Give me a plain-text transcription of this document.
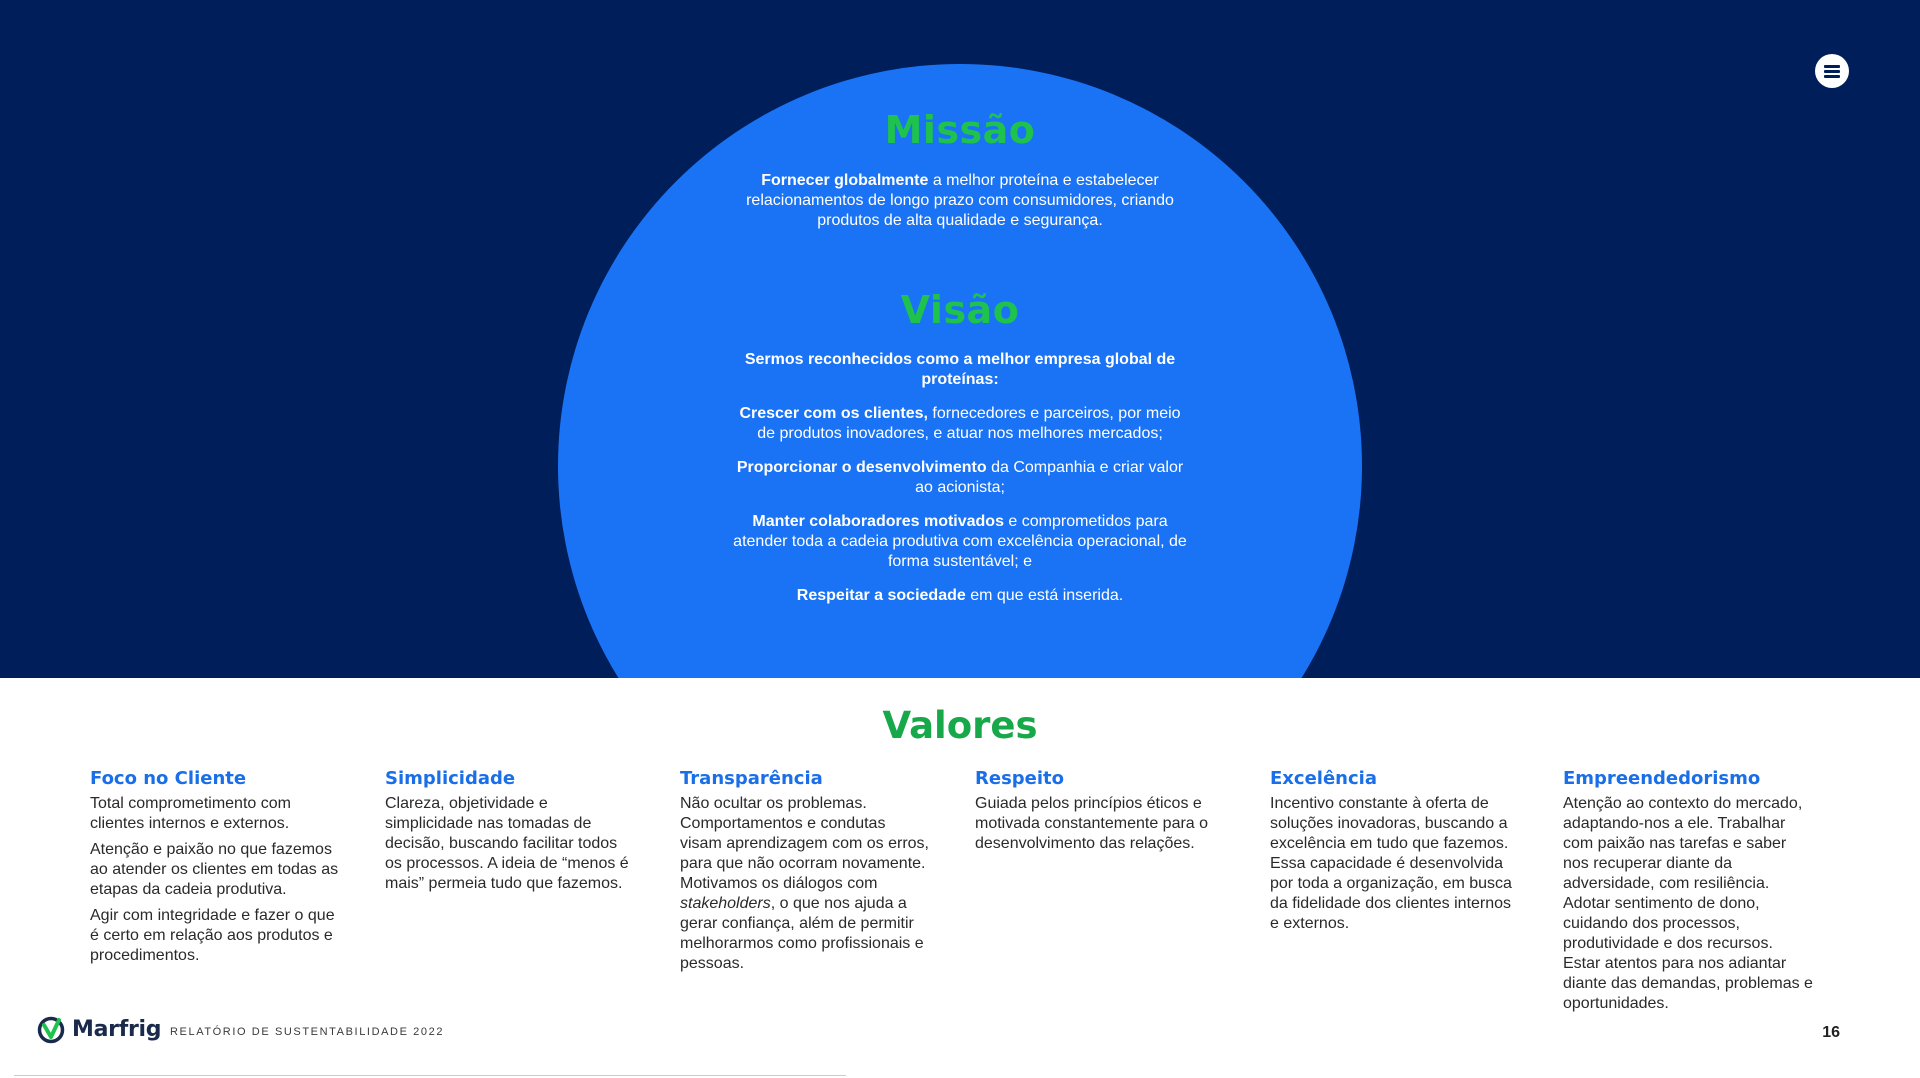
Missão
Fornecer globalmente a melhor proteína e estabelecer relacionamentos de longo prazo com consumidores, criando produtos de alta qualidade e segurança.
Visão
Sermos reconhecidos como a melhor empresa global de proteínas:
Crescer com os clientes, fornecedores e parceiros, por meio de produtos inovadores, e atuar nos melhores mercados;
Proporcionar o desenvolvimento da Companhia e criar valor ao acionista;
Manter colaboradores motivados e comprometidos para atender toda a cadeia produtiva com excelência operacional, de forma sustentável; e
Respeitar a sociedade em que está inserida.
Valores
Foco no Cliente

Total comprometimento com clientes internos e externos.

Atenção e paixão no que fazemos ao atender os clientes em todas as etapas da cadeia produtiva.

Agir com integridade e fazer o que é certo em relação aos produtos e procedimentos.

Simplicidade

Clareza, objetividade e simplicidade nas tomadas de decisão, buscando facilitar todos os processos. A ideia de “menos é mais” permeia tudo que fazemos.

Transparência

Não ocultar os problemas. Comportamentos e condutas visam aprendizagem com os erros, para que não ocorram novamente. Motivamos os diálogos com stakeholders, o que nos ajuda a gerar confiança, além de permitir melhorarmos como profissionais e pessoas.

Respeito

Guiada pelos princípios éticos e motivada constantemente para o desenvolvimento das relações.

Excelência

Incentivo constante à oferta de soluções inovadoras, buscando a excelência em tudo que fazemos. Essa capacidade é desenvolvida por toda a organização, em busca da fidelidade dos clientes internos e externos.

Empreendedorismo

Atenção ao contexto do mercado, adaptando-nos a ele. Trabalhar com paixão nas tarefas e saber nos recuperar diante da adversidade, com resiliência. Adotar sentimento de dono, cuidando dos processos, produtividade e dos recursos. Estar atentos para nos adiantar diante das demandas, problemas e oportunidades.

Marfrig RELATÓRIO DE SUSTENTABILIDADE 2022	16
